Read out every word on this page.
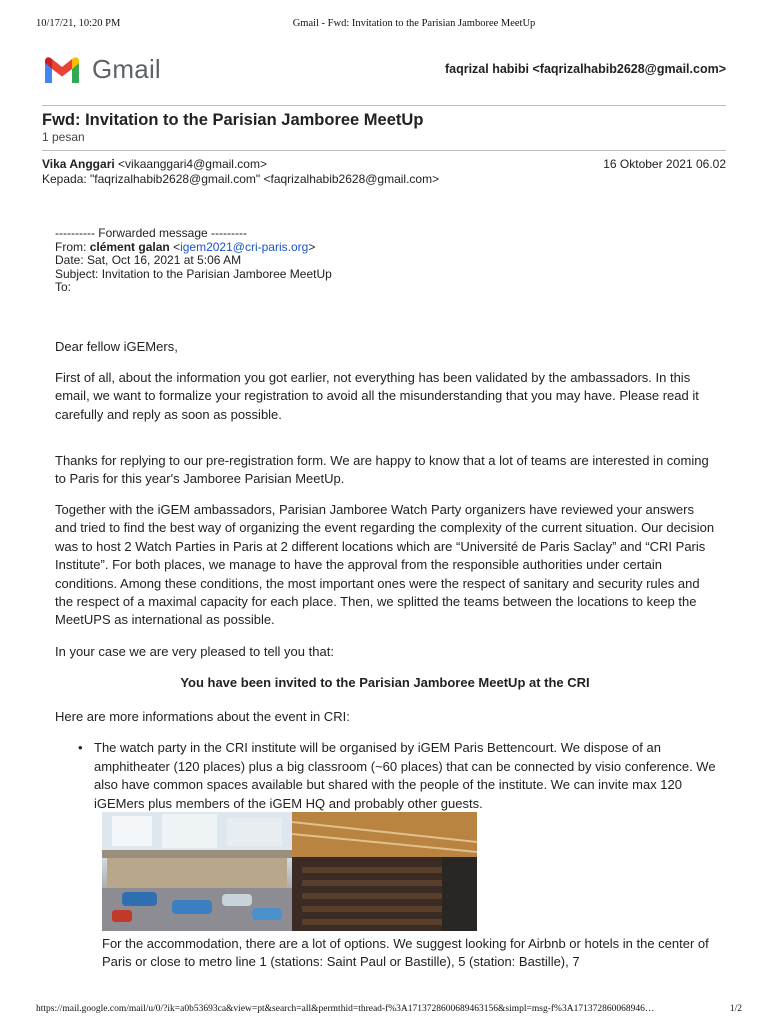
10/17/21, 10:20 PM	Gmail - Fwd: Invitation to the Parisian Jamboree MeetUp
Gmail	faqrizal habibi <faqrizalhabib2628@gmail.com>
Fwd: Invitation to the Parisian Jamboree MeetUp
1 pesan
Vika Anggari <vikaanggari4@gmail.com>	16 Oktober 2021 06.02
Kepada: "faqrizalhabib2628@gmail.com" <faqrizalhabib2628@gmail.com>
---------- Forwarded message ---------
From: clément galan <igem2021@cri-paris.org>
Date: Sat, Oct 16, 2021 at 5:06 AM
Subject: Invitation to the Parisian Jamboree MeetUp
To:
Dear fellow iGEMers,
First of all, about the information you got earlier, not everything has been validated by the ambassadors. In this email, we want to formalize your registration to avoid all the misunderstanding that you may have. Please read it carefully and reply as soon as possible.
Thanks for replying to our pre-registration form. We are happy to know that a lot of teams are interested in coming to Paris for this year's Jamboree Parisian MeetUp.
Together with the iGEM ambassadors, Parisian Jamboree Watch Party organizers have reviewed your answers and tried to find the best way of organizing the event regarding the complexity of the current situation. Our decision was to host 2 Watch Parties in Paris at 2 different locations which are “Université de Paris Saclay” and “CRI Paris Institute”. For both places, we manage to have the approval from the responsible authorities under certain conditions. Among these conditions, the most important ones were the respect of sanitary and security rules and the respect of a maximal capacity for each place. Then, we splitted the teams between the locations to keep the MeetUPS as international as possible.
In your case we are very pleased to tell you that:
You have been invited to the Parisian Jamboree MeetUp at the CRI
Here are more informations about the event in CRI:
• The watch party in the CRI institute will be organised by iGEM Paris Bettencourt. We dispose of an amphitheater (120 places) plus a big classroom (~60 places) that can be connected by visio conference. We also have common spaces available but shared with the people of the institute. We can invite max 120 iGEMers plus members of the iGEM HQ and probably other guests.
For the accommodation, there are a lot of options. We suggest looking for Airbnb or hotels in the center of Paris or close to metro line 1 (stations: Saint Paul or Bastille), 5 (station: Bastille), 7
https://mail.google.com/mail/u/0/?ik=a0b53693ca&view=pt&search=all&permthid=thread-f%3A1713728600689463156&simpl=msg-f%3A171372860068946…	1/2
